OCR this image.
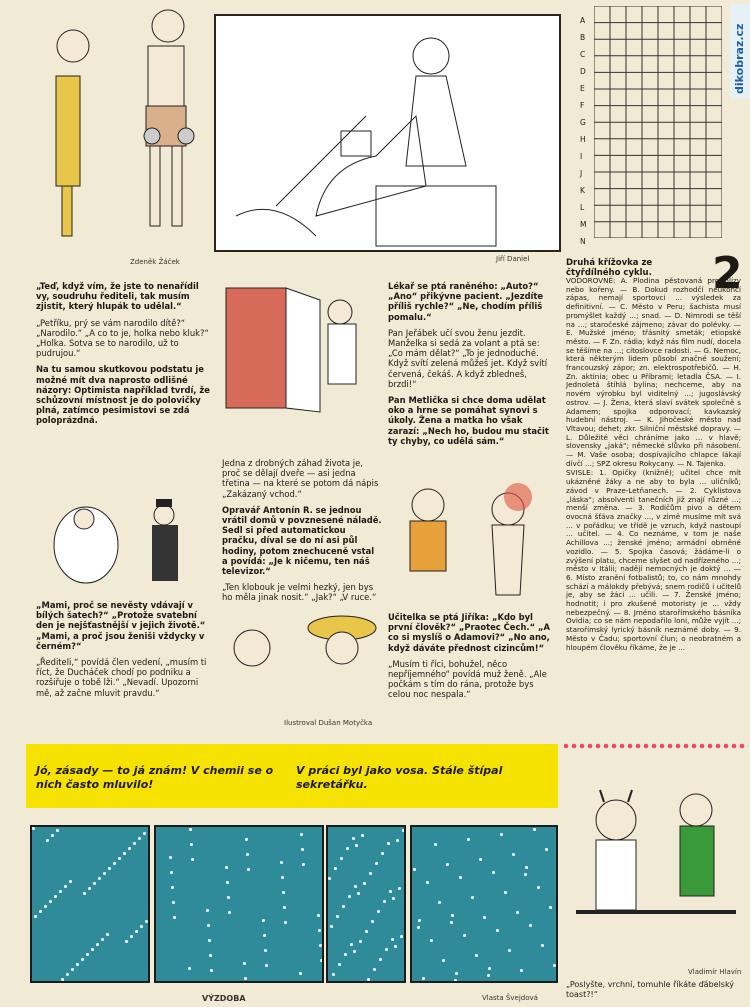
dikobraz.cz
Zdeněk Žáček	Jiří Daniel
A
B
C
D
E
F
G
H
I
J
K
L
M
N
Druhá křížovka ze čtyřdílného cyklu.	2

VODOROVNĚ: A. Plodina pěstovaná pro hlízy nebo kořeny. — B. Dokud rozhodčí neukončí zápas, nemají sportovci ... výsledek za definitivní. — C. Město v Peru; šachista musí promýšlet každý ...; snad. — D. Nimrodi se těší na ...; staročeské zájmeno; závar do polévky. — E. Mužské jméno; třásnitý smeták; etiopské město. — F. Zn. rádia; když nás film nudí, docela se těšíme na ...; citoslovce radosti. — G. Nemoc, která některým lidem působí značné soužení; francouzský zápor; zn. elektrospotřebičů. — H. Zn. aktinia; obec u Příbrami; letadla ČSA. — I. Jednoletá štíhlá bylina; nechceme, aby na novém výrobku byl viditelný ...; jugoslávský ostrov. — J. Žena, která slaví svátek společně s Adamem; spojka odporovací; kavkazský hudební nástroj. — K. Jihočeské město nad Vltavou; dehet; zkr. Silniční městské dopravy. — L. Důležité věci chráníme jako ... v hlavě; slovensky „jaká“; německé slůvko při násobení. — M. Vaše osoba; dospívajícího chlapce lákají dívčí ...; SPZ okresu Rokycany. — N. Tajenka.

SVISLE: 1. Opičky (knižně); učitel chce mít ukázněné žáky a ne aby to byla ... uličníků; závod v Praze-Letňanech. — 2. Cyklistova „láska“; absolventi tanečních již znají různé ...; menší změna. — 3. Rodičům pivo a dětem ovocná šťáva značky ..., v zimě musíme mít svá ... v pořádku; ve třídě je vzruch, když nastoupí ... učitel. — 4. Co neznáme, v tom je naše Achillova ...; ženské jméno; armádní obrněné vozidlo. — 5. Spojka časová; žádáme-li o zvýšení platu, chceme slyšet od nadřízeného ...; město v Itálii; nadějí nemocných je doktý ... — 6. Místo zranění fotbalistů; to, co nám mnohdy schází a málokdy přebývá; snem rodičů i učitelů je, aby se žáci ... učili. — 7. Ženské jméno; hodnotit; i pro zkušené motoristy je ... vždy nebezpečný. — 8. Jméno starořímského básníka Ovidia; co se nám nepodařilo loni, může vyjít ...; starořímský lyrický básník neznámé doby. — 9. Město v Čadu; sportovní člun; o neobratném a hloupém člověku říkáme, že je ...

„Teď, když vím, že jste to nenařídil vy, soudruhu řediteli, tak musím zjistit, který hlupák to udělal.“

„Petříku, prý se vám narodilo dítě?“ „Narodilo.“ „A co to je, holka nebo kluk?“ „Holka. Sotva se to narodilo, už to pudrujou.“

Na tu samou skutkovou podstatu je možné mít dva naprosto odlišné názory: Optimista například tvrdí, že schůzovní místnost je do polovičky plná, zatímco pesimistovi se zdá poloprázdná.

„Mami, proč se nevěsty vdávají v bílých šatech?“ „Protože svatební den je nejšťastnější v jejich životě.“ „Mami, a proč jsou ženiši vždycky v černém?“

„Řediteli,“ povídá člen vedení, „musím ti říct, že Ducháček chodí po podniku a rozšiřuje o tobě lži.“ „Nevadí. Upozorni mě, až začne mluvit pravdu.“

Jedna z drobných záhad života je, proč se dělají dveře — asi jedna třetina — na které se potom dá nápis „Zakázaný vchod.“

Opravář Antonín R. se jednou vrátil domů v povznesené náladě. Sedl si před automatickou pračku, díval se do ní asi půl hodiny, potom znechuceně vstal a povídá: „Je k ničemu, ten náš televizor.“

„Ten klobouk je velmi hezký, jen bys ho měla jinak nosit.“ „Jak?“ „V ruce.“

Lékař se ptá raněného: „Auto?“ „Ano“ přikývne pacient. „Jezdíte příliš rychle?“ „Ne, chodím příliš pomalu.“

Pan Jeřábek učí svou ženu jezdit. Manželka si sedá za volant a ptá se: „Co mám dělat?“ „To je jednoduché. Když svítí zelená můžeš jet. Když svítí červená, čekáš. A když zbledneš, brzdi!“

Pan Metlička si chce doma udělat oko a hrne se pomáhat synovi s úkoly. Žena a matka ho však zarazí: „Nech ho, budou mu stačit ty chyby, co udělá sám.“

Učitelka se ptá Jiříka: „Kdo byl první člověk?“ „Praotec Čech.“ „A co si myslíš o Adamovi?“ „No ano, když dáváte přednost cizincům!“

„Musím ti říci, bohužel, něco nepříjemného“ povídá muž ženě. „Ale počkám s tím do rána, protože bys celou noc nespala.“

Ilustroval Dušan Motyčka
Jó, zásady — to já znám! V chemii se o nich často mluvilo!
V práci byl jako vosa. Stále štípal sekretářku.
VÝZDOBA	Vlasta Švejdová
Vladimír Hlavín
„Poslyšte, vrchní, tomuhle říkáte ďábelský toast?!“
